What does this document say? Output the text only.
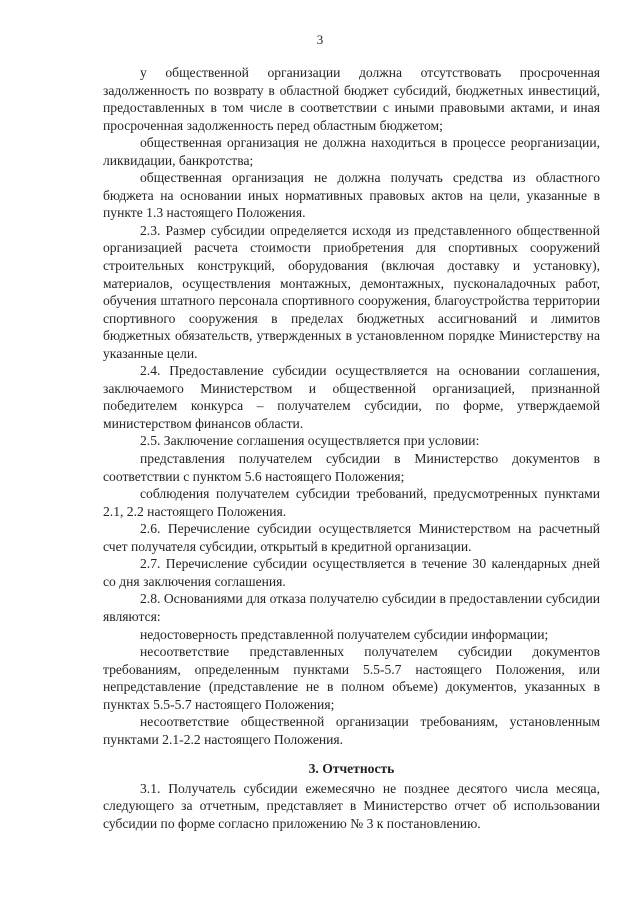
3

у общественной организации должна отсутствовать просроченная задолженность по возврату в областной бюджет субсидий, бюджетных инвестиций, предоставленных в том числе в соответствии с иными правовыми актами, и иная просроченная задолженность перед областным бюджетом;

общественная организация не должна находиться в процессе реорганизации, ликвидации, банкротства;

общественная организация не должна получать средства из областного бюджета на основании иных нормативных правовых актов на цели, указанные в пункте 1.3 настоящего Положения.

2.3. Размер субсидии определяется исходя из представленного общественной организацией расчета стоимости приобретения для спортивных сооружений строительных конструкций, оборудования (включая доставку и установку), материалов, осуществления монтажных, демонтажных, пусконаладочных работ, обучения штатного персонала спортивного сооружения, благоустройства территории спортивного сооружения в пределах бюджетных ассигнований и лимитов бюджетных обязательств, утвержденных в установленном порядке Министерству на указанные цели.

2.4. Предоставление субсидии осуществляется на основании соглашения, заключаемого Министерством и общественной организацией, признанной победителем конкурса – получателем субсидии, по форме, утверждаемой министерством финансов области.

2.5. Заключение соглашения осуществляется при условии:

представления получателем субсидии в Министерство документов в соответствии с пунктом 5.6 настоящего Положения;

соблюдения получателем субсидии требований, предусмотренных пунктами 2.1, 2.2 настоящего Положения.

2.6. Перечисление субсидии осуществляется Министерством на расчетный счет получателя субсидии, открытый в кредитной организации.

2.7. Перечисление субсидии осуществляется в течение 30 календарных дней со дня заключения соглашения.

2.8. Основаниями для отказа получателю субсидии в предоставлении субсидии являются:

недостоверность представленной получателем субсидии информации;

несоответствие представленных получателем субсидии документов требованиям, определенным пунктами 5.5-5.7 настоящего Положения, или непредставление (представление не в полном объеме) документов, указанных в пунктах 5.5-5.7 настоящего Положения;

несоответствие общественной организации требованиям, установленным пунктами 2.1-2.2 настоящего Положения.

3. Отчетность

3.1. Получатель субсидии ежемесячно не позднее десятого числа месяца, следующего за отчетным, представляет в Министерство отчет об использовании субсидии по форме согласно приложению № 3 к постановлению.
